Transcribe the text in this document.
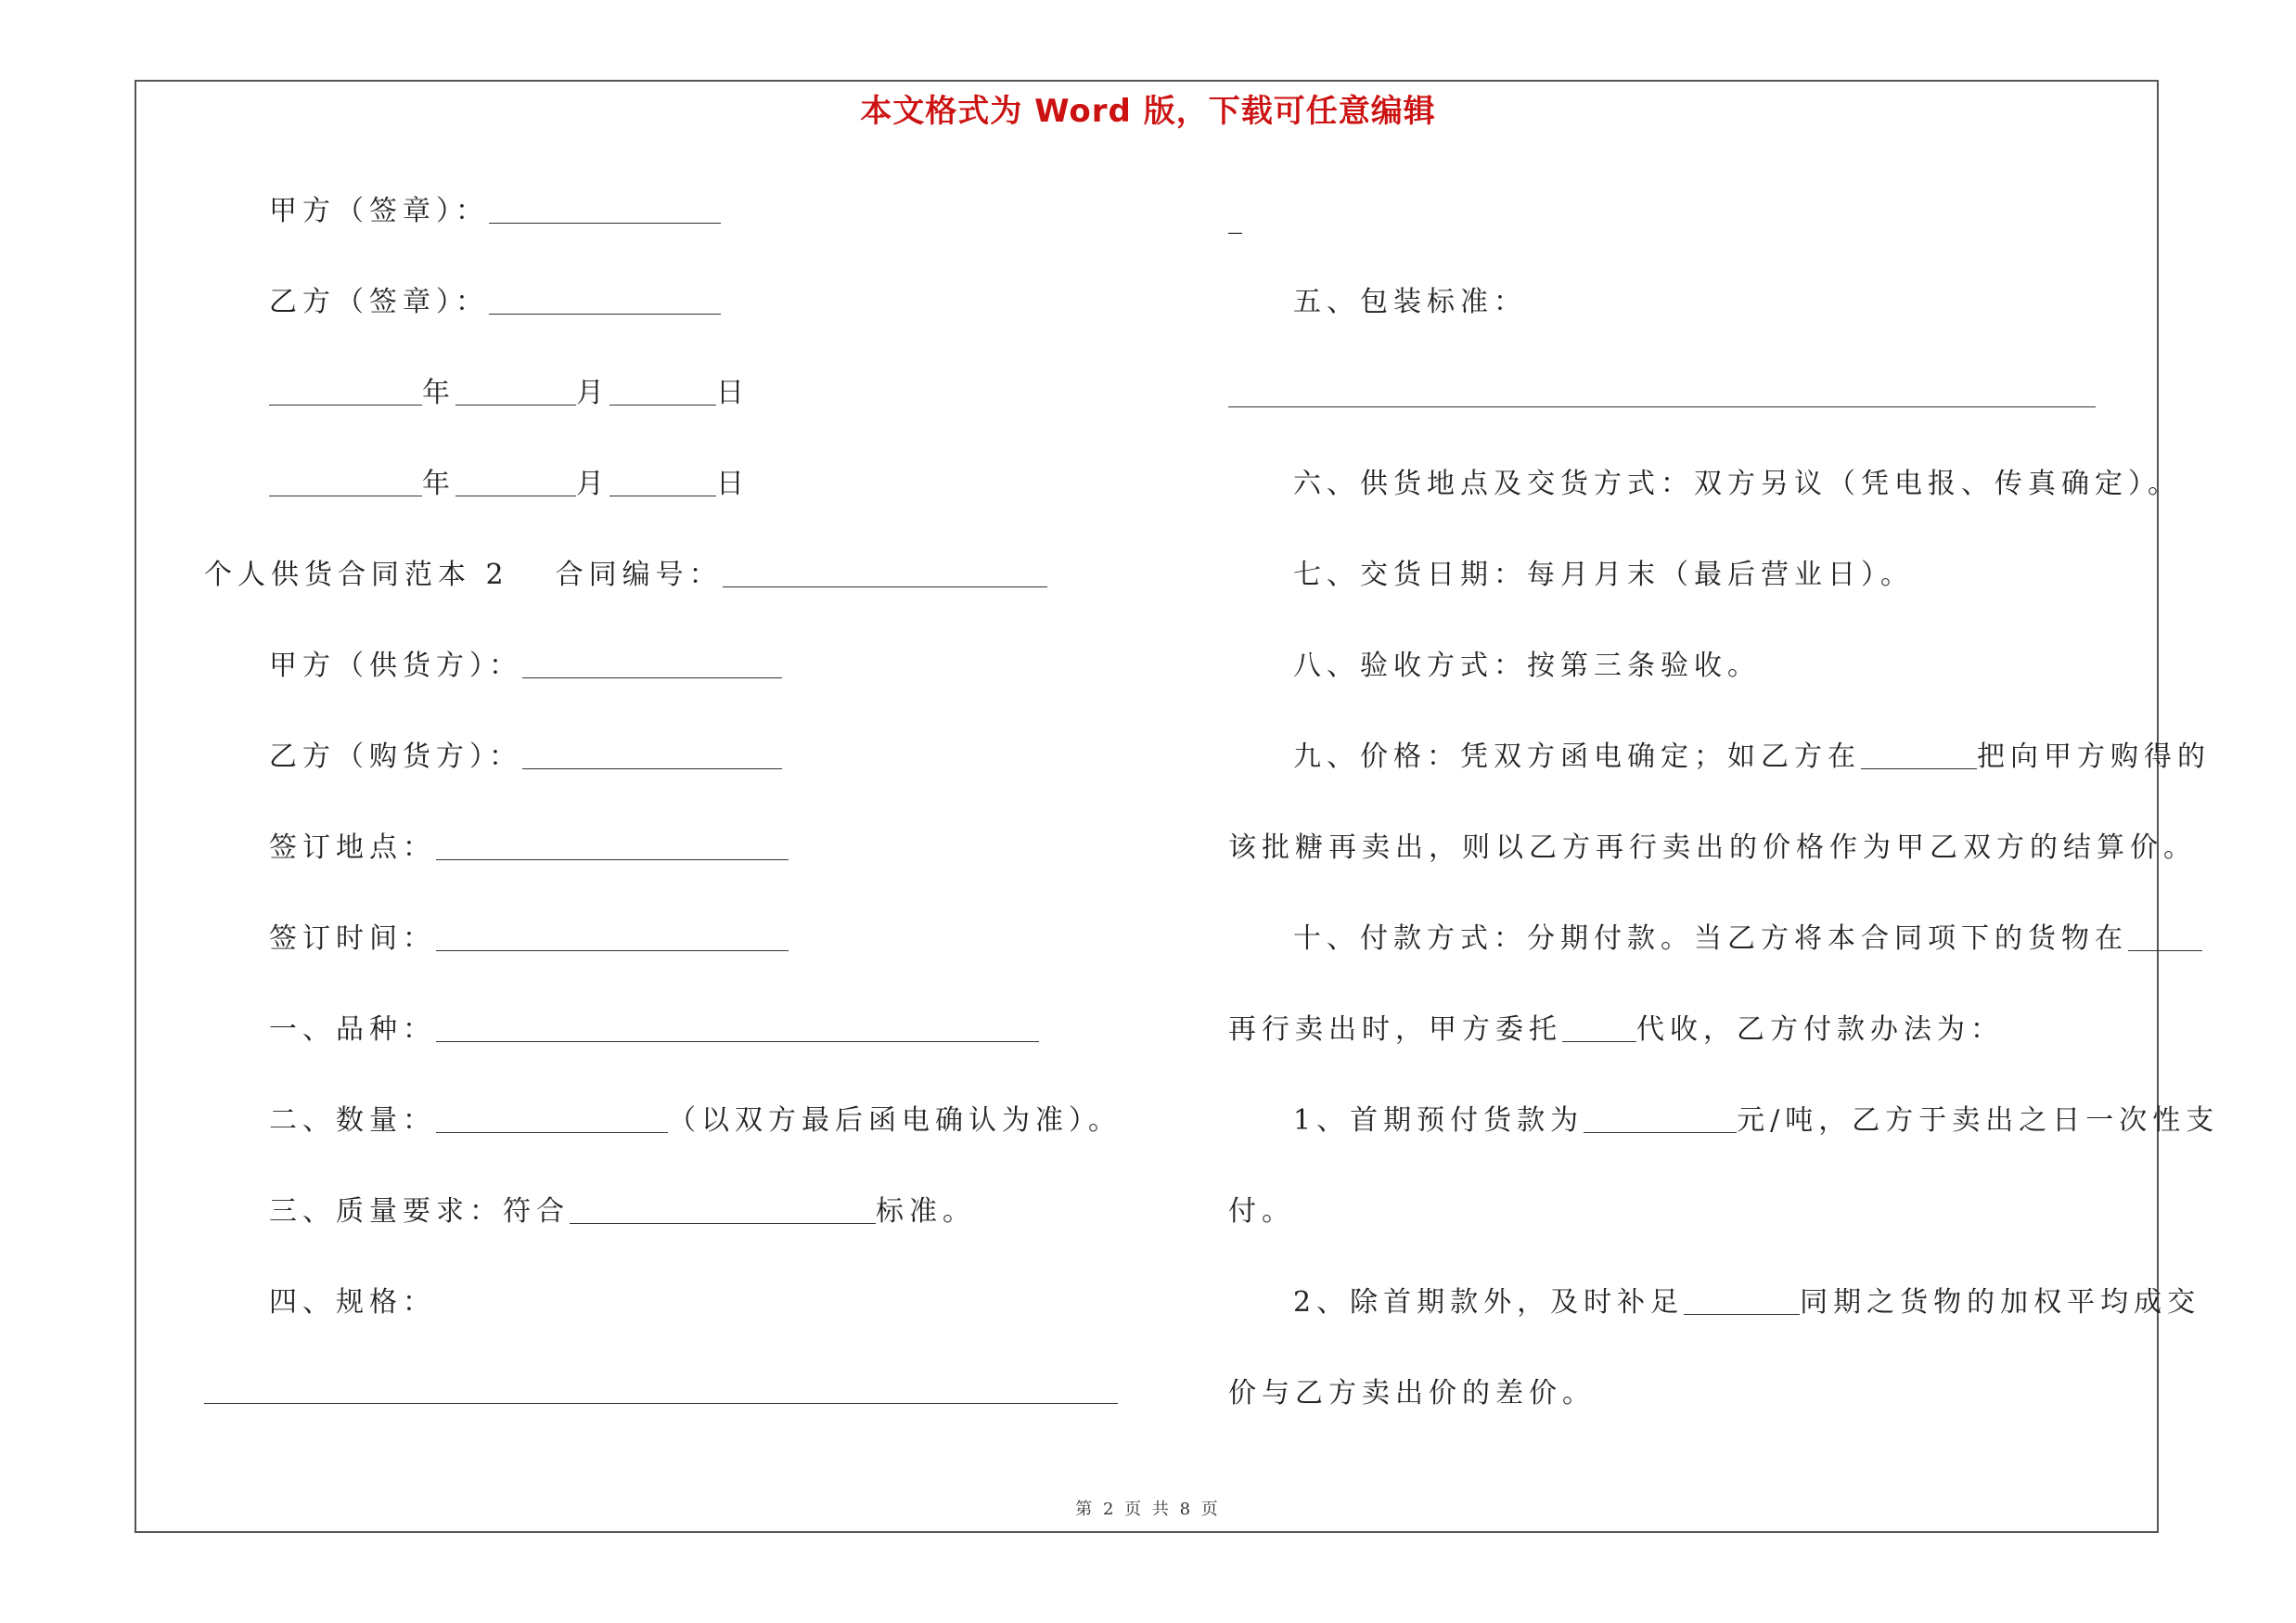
本文格式为 Word 版，下载可任意编辑
甲方（签章）：
乙方（签章）：
年	月	日
年	月	日
个人供货合同范本 2 合同编号：
甲方（供货方）：
乙方（购货方）：
签订地点：
签订时间：
一、品种：
二、数量：	（以双方最后函电确认为准）。
三、质量要求：符合	标准。
四、规格：
_
五、包装标准：
六、供货地点及交货方式：双方另议（凭电报、传真确定）。
七、交货日期：每月月末（最后营业日）。
八、验收方式：按第三条验收。
九、价格：凭双方函电确定；如乙方在	把向甲方购得的
该批糖再卖出，则以乙方再行卖出的价格作为甲乙双方的结算价。
十、付款方式：分期付款。当乙方将本合同项下的货物在
再行卖出时，甲方委托	代收，乙方付款办法为：
1、首期预付货款为	元/吨，乙方于卖出之日一次性支
付。
2、除首期款外，及时补足	同期之货物的加权平均成交
价与乙方卖出价的差价。
第 2 页 共 8 页
